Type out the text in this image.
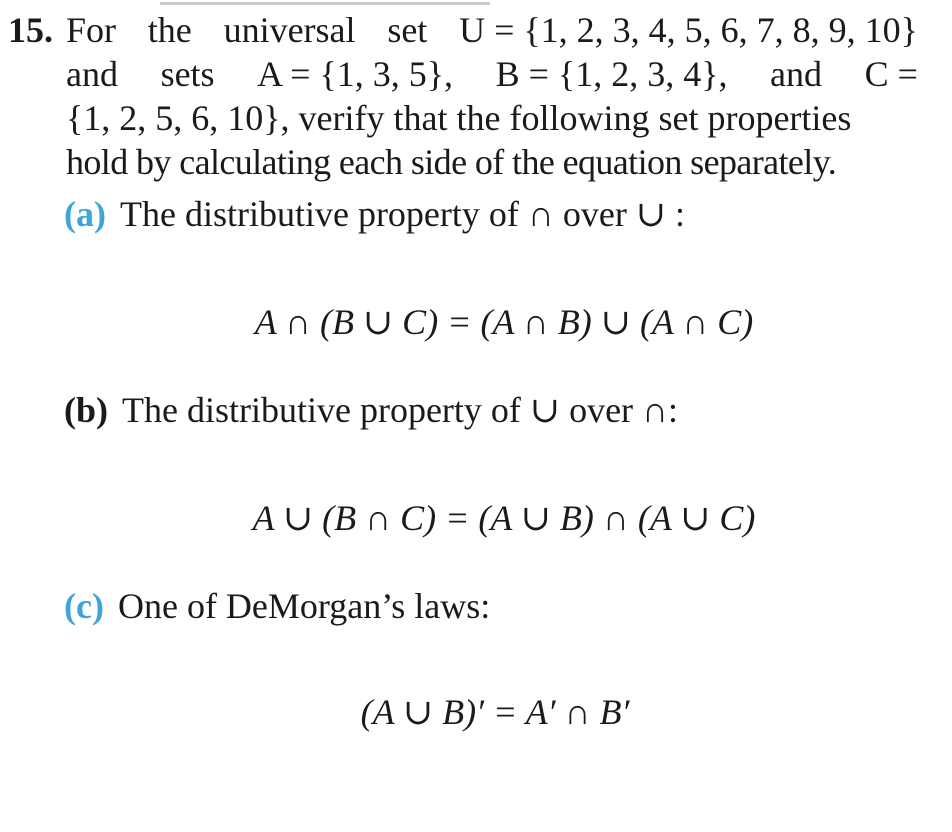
15. For the universal set U = {1, 2, 3, 4, 5, 6, 7, 8, 9, 10}
and sets A = {1, 3, 5}, B = {1, 2, 3, 4}, and C =
{1, 2, 5, 6, 10}, verify that the following set properties
hold by calculating each side of the equation separately.
(a) The distributive property of ∩ over ∪ :
A ∩ (B ∪ C) = (A ∩ B) ∪ (A ∩ C)
(b) The distributive property of ∪ over ∩:
A ∪ (B ∩ C) = (A ∪ B) ∩ (A ∪ C)
(c) One of DeMorgan’s laws:
(A ∪ B)′ = A′ ∩ B′
